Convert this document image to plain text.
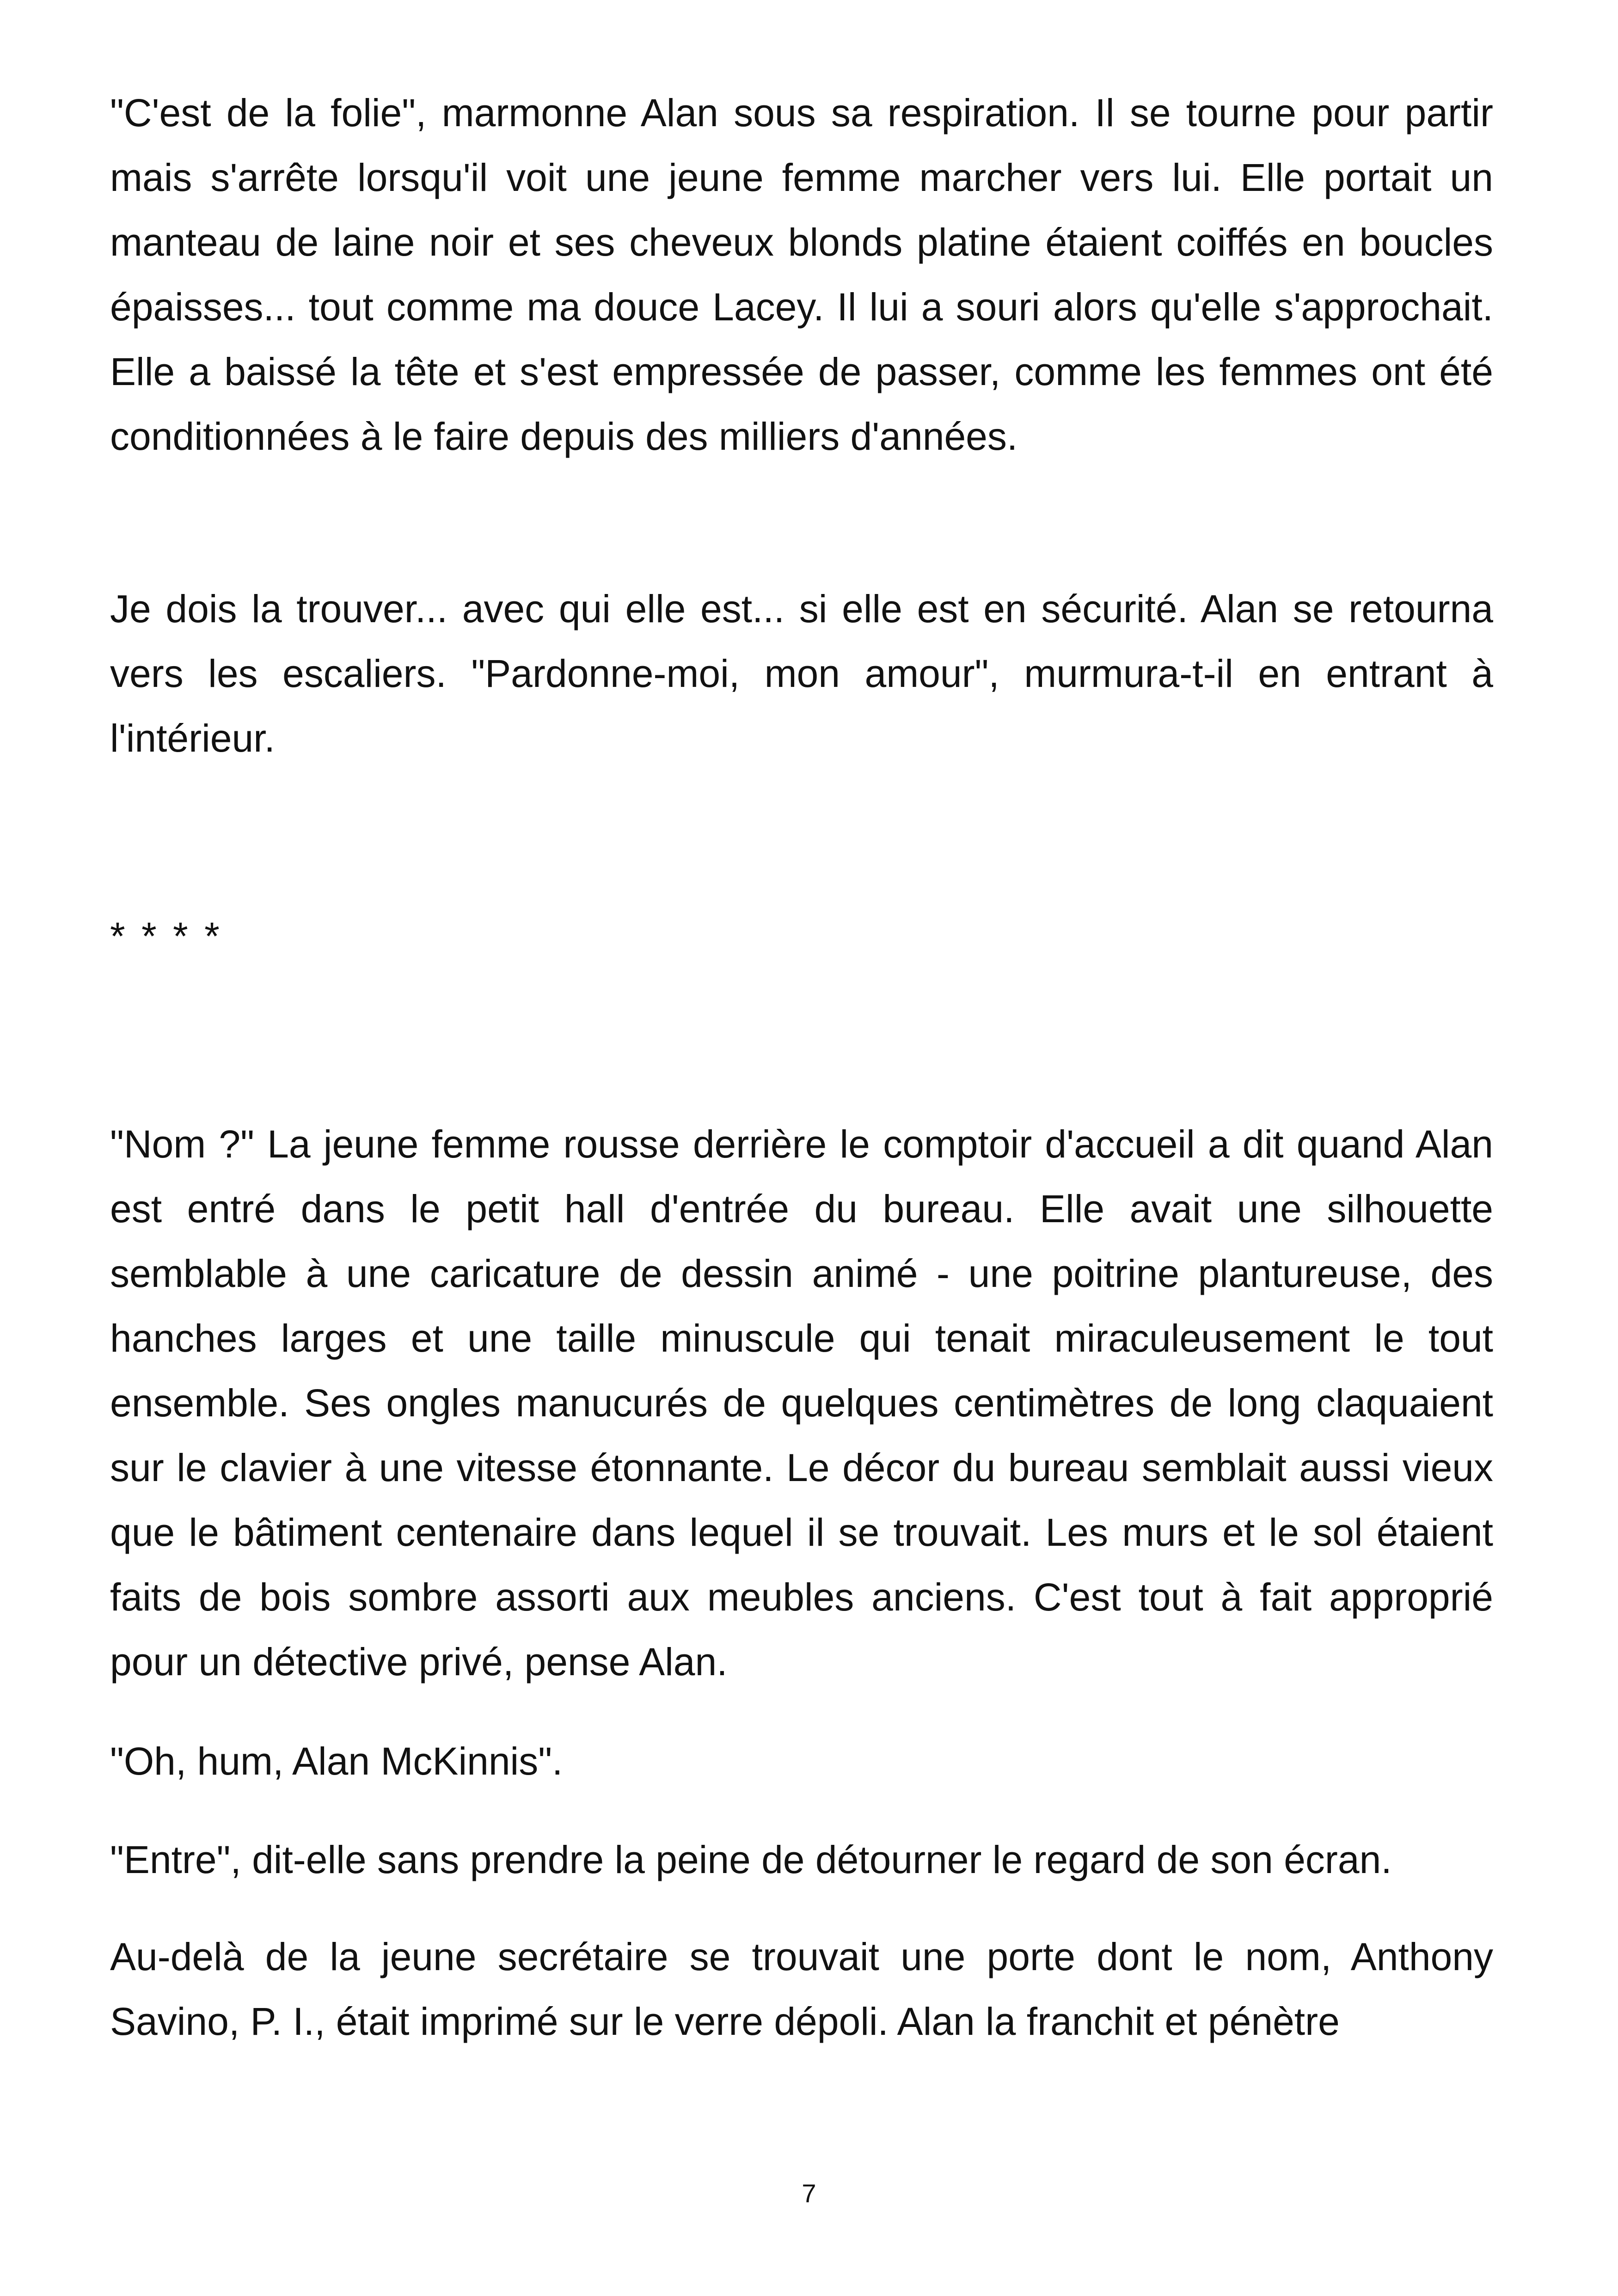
"C'est de la folie", marmonne Alan sous sa respiration. Il se tourne pour partir mais s'arrête lorsqu'il voit une jeune femme marcher vers lui. Elle portait un manteau de laine noir et ses cheveux blonds platine étaient coiffés en boucles épaisses... tout comme ma douce Lacey. Il lui a souri alors qu'elle s'approchait. Elle a baissé la tête et s'est empressée de passer, comme les femmes ont été conditionnées à le faire depuis des milliers d'années.

Je dois la trouver... avec qui elle est... si elle est en sécurité. Alan se retourna vers les escaliers. "Pardonne-moi, mon amour", murmura-t-il en entrant à l'intérieur.

* * * *

"Nom ?" La jeune femme rousse derrière le comptoir d'accueil a dit quand Alan est entré dans le petit hall d'entrée du bureau. Elle avait une silhouette semblable à une caricature de dessin animé - une poitrine plantureuse, des hanches larges et une taille minuscule qui tenait miraculeusement le tout ensemble. Ses ongles manucurés de quelques centimètres de long claquaient sur le clavier à une vitesse étonnante. Le décor du bureau semblait aussi vieux que le bâtiment centenaire dans lequel il se trouvait. Les murs et le sol étaient faits de bois sombre assorti aux meubles anciens. C'est tout à fait approprié pour un détective privé, pense Alan.

"Oh, hum, Alan McKinnis".

"Entre", dit-elle sans prendre la peine de détourner le regard de son écran.

Au-delà de la jeune secrétaire se trouvait une porte dont le nom, Anthony Savino, P. I., était imprimé sur le verre dépoli. Alan la franchit et pénètre

7
